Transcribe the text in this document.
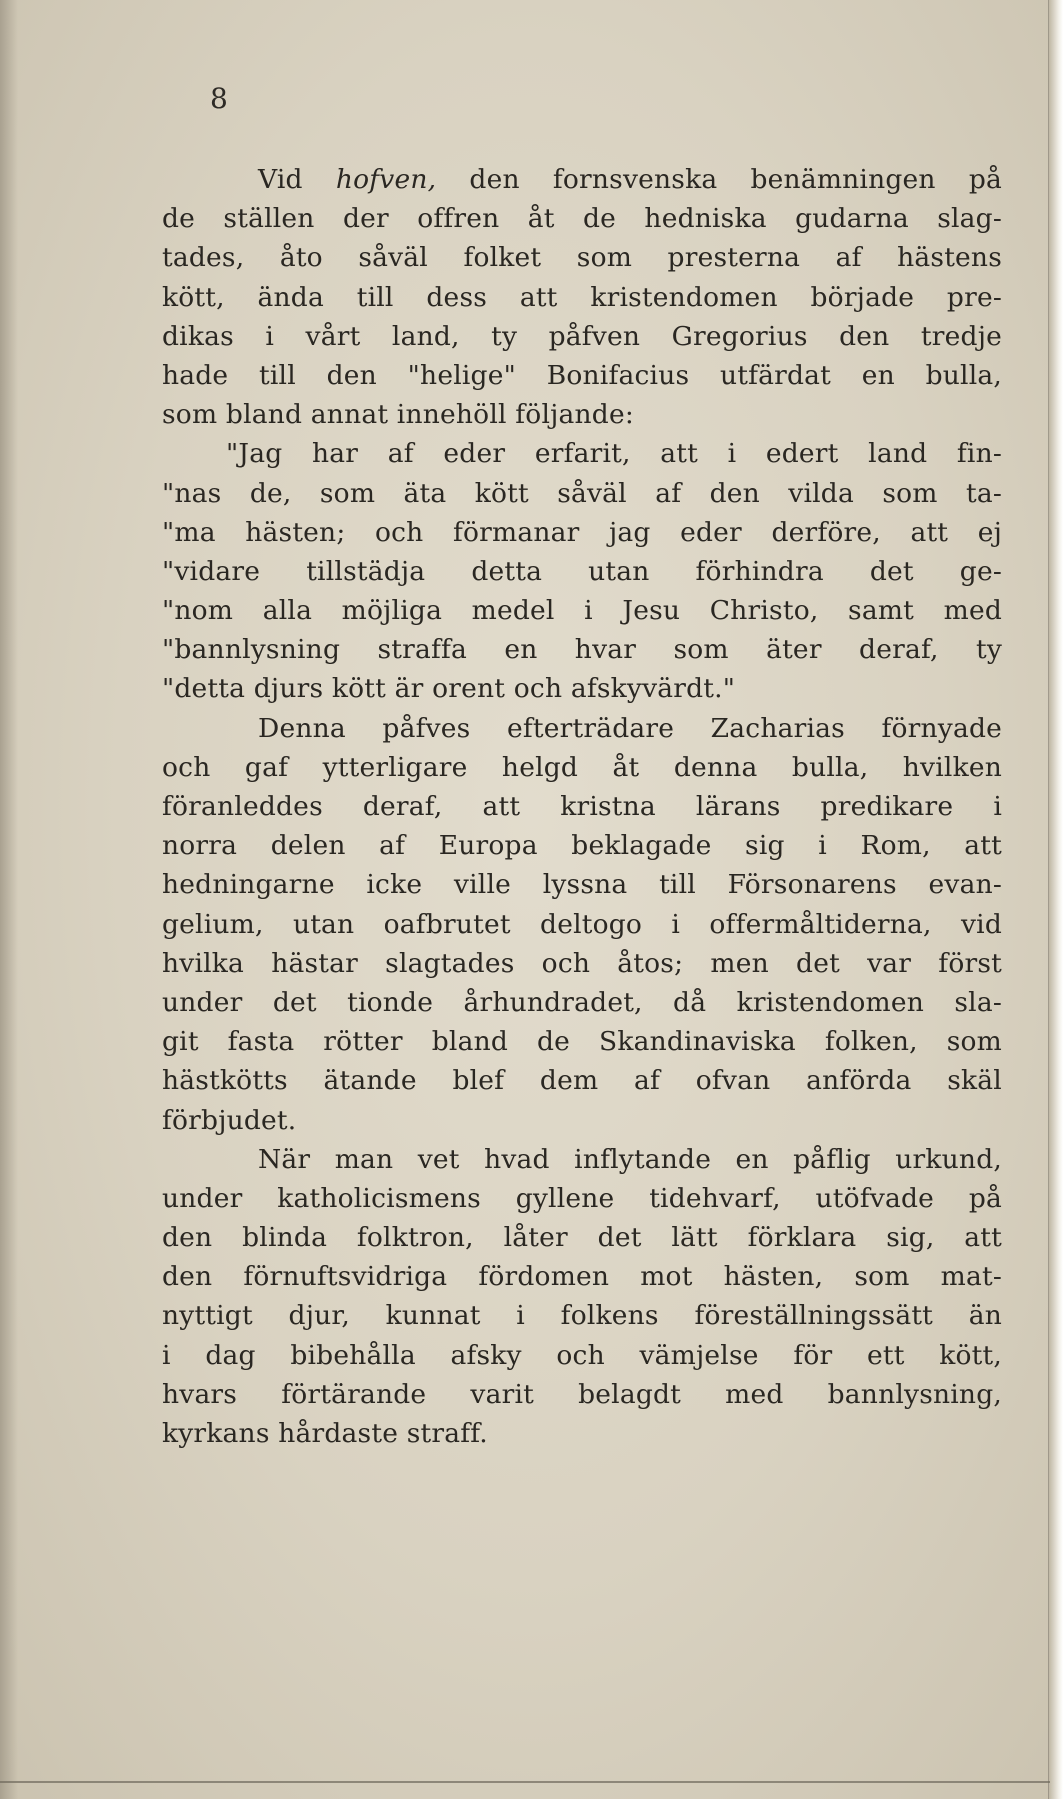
8
Vid hofven, den fornsvenska benämningen på
de ställen der offren åt de hedniska gudarna slag-
tades, åto såväl folket som presterna af hästens
kött, ända till dess att kristendomen började pre-
dikas i vårt land, ty påfven Gregorius den tredje
hade till den "helige" Bonifacius utfärdat en bulla,
som bland annat innehöll följande:
"Jag har af eder erfarit, att i edert land fin-
"nas de, som äta kött såväl af den vilda som ta-
"ma hästen; och förmanar jag eder derföre, att ej
"vidare tillstädja detta utan förhindra det ge-
"nom alla möjliga medel i Jesu Christo, samt med
"bannlysning straffa en hvar som äter deraf, ty
"detta djurs kött är orent och afskyvärdt."
Denna påfves efterträdare Zacharias förnyade
och gaf ytterligare helgd åt denna bulla, hvilken
föranleddes deraf, att kristna lärans predikare i
norra delen af Europa beklagade sig i Rom, att
hedningarne icke ville lyssna till Försonarens evan-
gelium, utan oafbrutet deltogo i offermåltiderna, vid
hvilka hästar slagtades och åtos; men det var först
under det tionde århundradet, då kristendomen sla-
git fasta rötter bland de Skandinaviska folken, som
hästkötts ätande blef dem af ofvan anförda skäl
förbjudet.
När man vet hvad inflytande en påflig urkund,
under katholicismens gyllene tidehvarf, utöfvade på
den blinda folktron, låter det lätt förklara sig, att
den förnuftsvidriga fördomen mot hästen, som mat-
nyttigt djur, kunnat i folkens föreställningssätt än
i dag bibehålla afsky och vämjelse för ett kött,
hvars förtärande varit belagdt med bannlysning,
kyrkans hårdaste straff.
